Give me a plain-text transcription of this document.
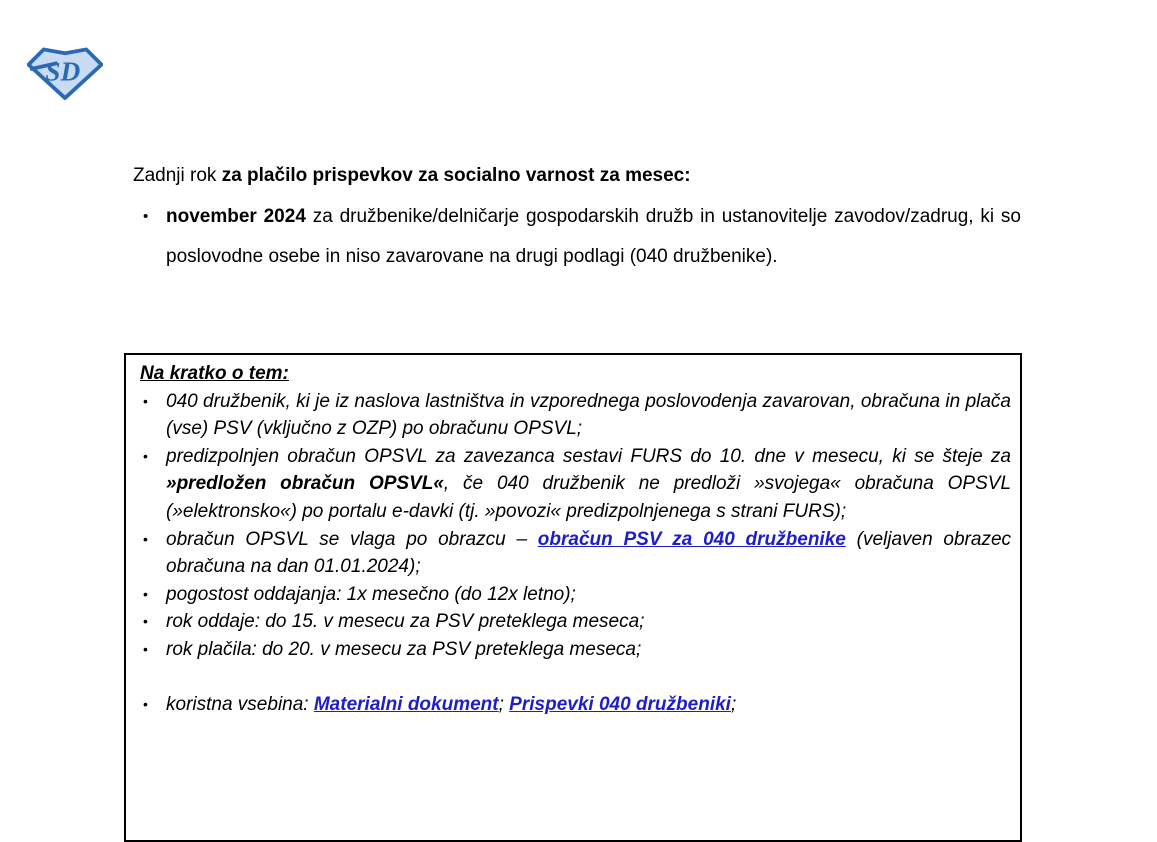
SD
Zadnji rok za plačilo prispevkov za socialno varnost za mesec:
• november 2024 za družbenike/delničarje gospodarskih družb in ustanovitelje zavodov/zadrug, ki so poslovodne osebe in niso zavarovane na drugi podlagi (040 družbenike).
Na kratko o tem:
• 040 družbenik, ki je iz naslova lastništva in vzporednega poslovodenja zavarovan, obračuna in plača (vse) PSV (vključno z OZP) po obračunu OPSVL;
• predizpolnjen obračun OPSVL za zavezanca sestavi FURS do 10. dne v mesecu, ki se šteje za »predložen obračun OPSVL«, če 040 družbenik ne predloži »svojega« obračuna OPSVL (»elektronsko«) po portalu e-davki (tj. »povozi« predizpolnjenega s strani FURS);
• obračun OPSVL se vlaga po obrazcu – obračun PSV za 040 družbenike (veljaven obrazec obračuna na dan 01.01.2024);
• pogostost oddajanja: 1x mesečno (do 12x letno);
• rok oddaje: do 15. v mesecu za PSV preteklega meseca;
• rok plačila: do 20. v mesecu za PSV preteklega meseca;
• koristna vsebina: Materialni dokument; Prispevki 040 družbeniki;
